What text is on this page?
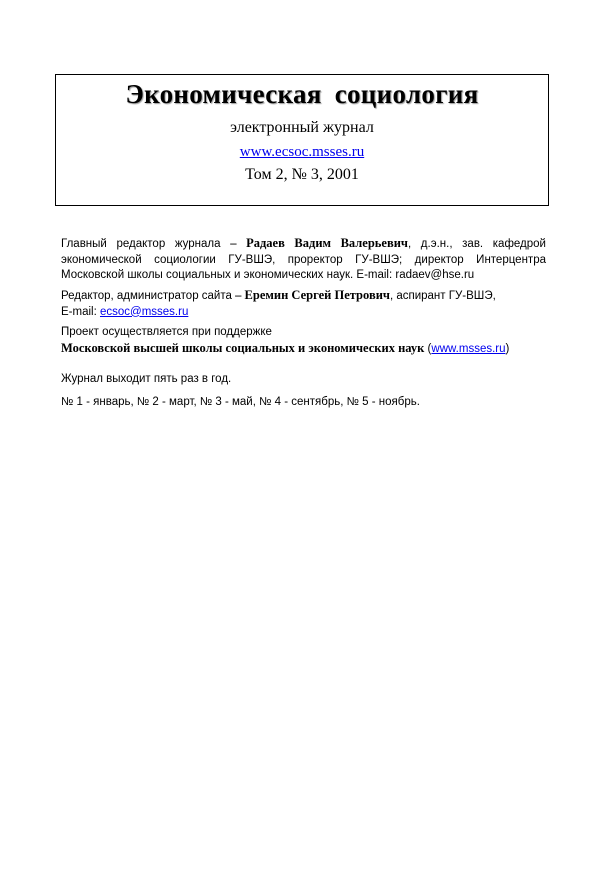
Экономическая социология
электронный журнал
www.ecsoc.msses.ru
Том 2, № 3, 2001
Главный редактор журнала – Радаев Вадим Валерьевич, д.э.н., зав. кафедрой экономической социологии ГУ-ВШЭ, проректор ГУ-ВШЭ; директор Интерцентра Московской школы социальных и экономических наук. E-mail: radaev@hse.ru
Редактор, администратор сайта – Еремин Сергей Петрович, аспирант ГУ-ВШЭ,
E-mail: ecsoc@msses.ru
Проект осуществляется при поддержке
Московской высшей школы социальных и экономических наук (www.msses.ru)
Журнал выходит пять раз в год.
№ 1 - январь, № 2 - март, № 3 - май, № 4 - сентябрь, № 5 - ноябрь.
